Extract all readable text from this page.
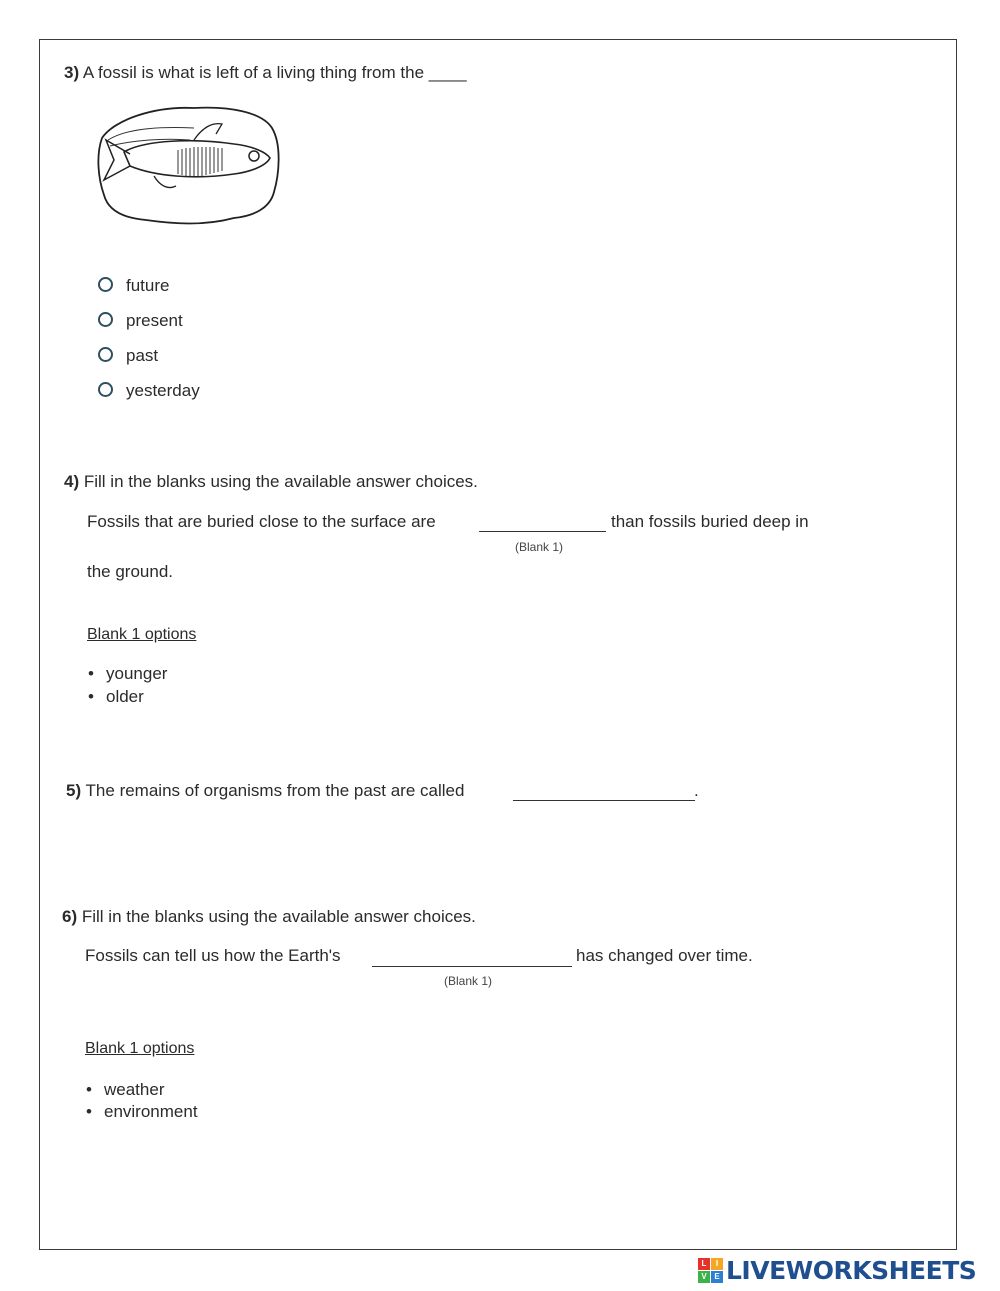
3) A fossil is what is left of a living thing from the ____
future
present
past
yesterday
4) Fill in the blanks using the available answer choices.
Fossils that are buried close to the surface are	than fossils buried deep in
(Blank 1)
the ground.
Blank 1 options
• younger
• older
5) The remains of organisms from the past are called	.
6) Fill in the blanks using the available answer choices.
Fossils can tell us how the Earth's	has changed over time.
(Blank 1)
Blank 1 options
• weather
• environment
L	I
V E LIVEWORKSHEETS
